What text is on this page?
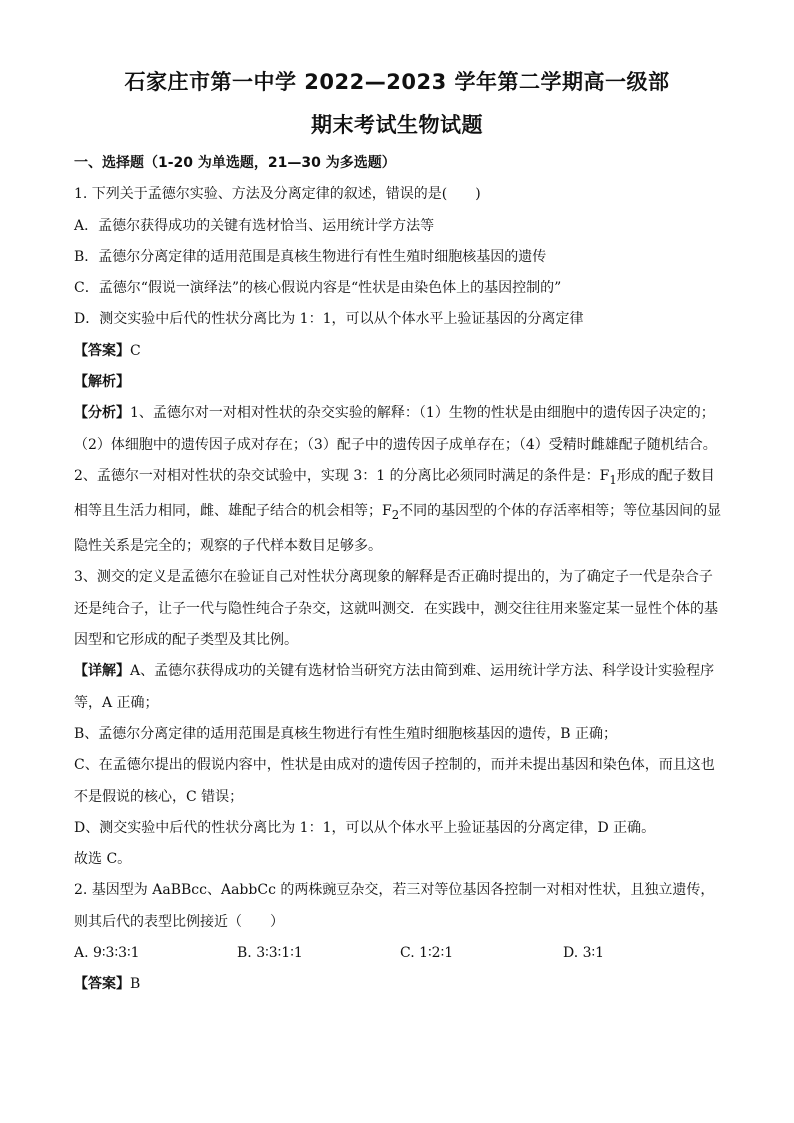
石家庄市第一中学 2022—2023 学年第二学期高一级部
期末考试生物试题
一、选择题（1-20 为单选题，21—30 为多选题）
1. 下列关于孟德尔实验、方法及分离定律的叙述，错误的是(　　)
A．孟德尔获得成功的关键有选材恰当、运用统计学方法等
B．孟德尔分离定律的适用范围是真核生物进行有性生殖时细胞核基因的遗传
C．孟德尔“假说一演绎法”的核心假说内容是“性状是由染色体上的基因控制的”
D．测交实验中后代的性状分离比为 1：1，可以从个体水平上验证基因的分离定律
【答案】C
【解析】
【分析】1、孟德尔对一对相对性状的杂交实验的解释：（1）生物的性状是由细胞中的遗传因子决定的；（2）体细胞中的遗传因子成对存在；（3）配子中的遗传因子成单存在；（4）受精时雌雄配子随机结合。
2、孟德尔一对相对性状的杂交试验中，实现 3：1 的分离比必须同时满足的条件是：$F_1$形成的配子数目相等且生活力相同，雌、雄配子结合的机会相等；$F_2$不同的基因型的个体的存活率相等；等位基因间的显隐性关系是完全的；观察的子代样本数目足够多。
3、测交的定义是孟德尔在验证自己对性状分离现象的解释是否正确时提出的，为了确定子一代是杂合子还是纯合子，让子一代与隐性纯合子杂交，这就叫测交．在实践中，测交往往用来鉴定某一显性个体的基因型和它形成的配子类型及其比例。
【详解】A、孟德尔获得成功的关键有选材恰当研究方法由简到难、运用统计学方法、科学设计实验程序等，A 正确；
B、孟德尔分离定律的适用范围是真核生物进行有性生殖时细胞核基因的遗传，B 正确；
C、在孟德尔提出的假说内容中，性状是由成对的遗传因子控制的，而并未提出基因和染色体，而且这也不是假说的核心，C 错误；
D、测交实验中后代的性状分离比为 1：1，可以从个体水平上验证基因的分离定律，D 正确。
故选 C。
2. 基因型为 AaBBcc、AabbCc 的两株豌豆杂交，若三对等位基因各控制一对相对性状，且独立遗传，则其后代的表型比例接近（　　）
A. 9∶3∶3∶1	B. 3∶3∶1∶1	C. 1∶2∶1	D. 3∶1
【答案】B
